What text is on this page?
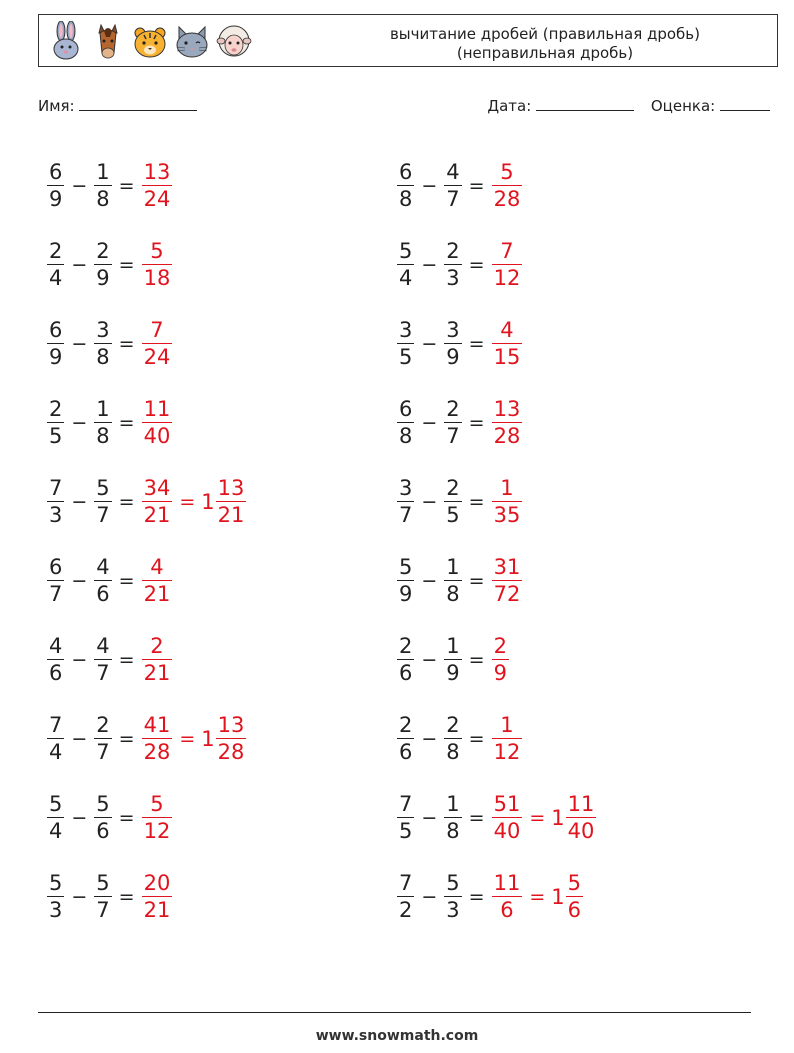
вычитание дробей (правильная дробь)
(неправильная дробь)
Имя:	Дата:	Оценка:
$\frac{6}{9} - \frac{1}{8} = \frac{13}{24}$
$\frac{2}{4} - \frac{2}{9} = \frac{5}{18}$
$\frac{6}{9} - \frac{3}{8} = \frac{7}{24}$
$\frac{2}{5} - \frac{1}{8} = \frac{11}{40}$
$\frac{7}{3} - \frac{5}{7} = \frac{34}{21} = 1 \frac{13}{21}$
$\frac{6}{7} - \frac{4}{6} = \frac{4}{21}$
$\frac{4}{6} - \frac{4}{7} = \frac{2}{21}$
$\frac{7}{4} - \frac{2}{7} = \frac{41}{28} = 1 \frac{13}{28}$
$\frac{5}{4} - \frac{5}{6} = \frac{5}{12}$
$\frac{5}{3} - \frac{5}{7} = \frac{20}{21}$
$\frac{6}{8} - \frac{4}{7} = \frac{5}{28}$
$\frac{5}{4} - \frac{2}{3} = \frac{7}{12}$
$\frac{3}{5} - \frac{3}{9} = \frac{4}{15}$
$\frac{6}{8} - \frac{2}{7} = \frac{13}{28}$
$\frac{3}{7} - \frac{2}{5} = \frac{1}{35}$
$\frac{5}{9} - \frac{1}{8} = \frac{31}{72}$
$\frac{2}{6} - \frac{1}{9} = \frac{2}{9}$
$\frac{2}{6} - \frac{2}{8} = \frac{1}{12}$
$\frac{7}{5} - \frac{1}{8} = \frac{51}{40} = 1 \frac{11}{40}$
$\frac{7}{2} - \frac{5}{3} = \frac{11}{6} = 1 \frac{5}{6}$
www.snowmath.com
